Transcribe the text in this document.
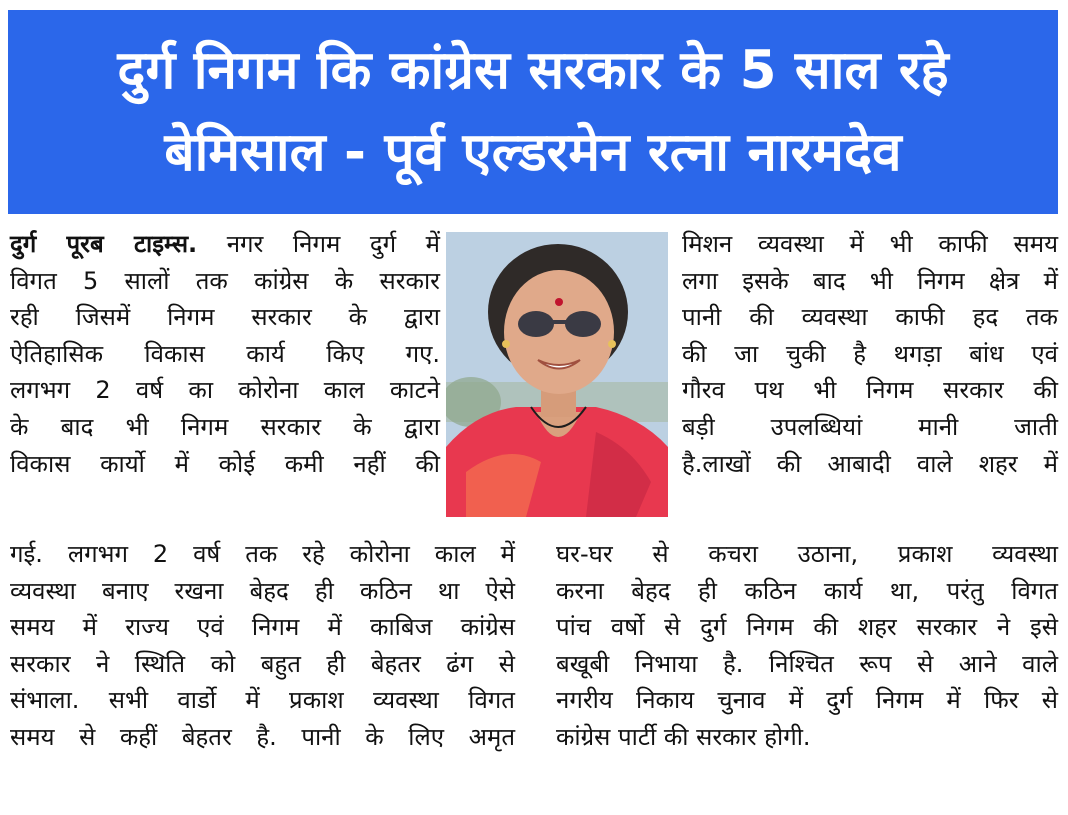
दुर्ग निगम कि कांग्रेस सरकार के 5 साल रहे
बेमिसाल - पूर्व एल्डरमेन रत्ना नारमदेव
दुर्ग पूरब टाइम्स. नगर निगम दुर्ग में
विगत 5 सालों तक कांग्रेस के सरकार
रही जिसमें निगम सरकार के द्वारा
ऐतिहासिक विकास कार्य किए गए.
लगभग 2 वर्ष का कोरोना काल काटने
के बाद भी निगम सरकार के द्वारा
विकास कार्यो में कोई कमी नहीं की
मिशन व्यवस्था में भी काफी समय
लगा इसके बाद भी निगम क्षेत्र में
पानी की व्यवस्था काफी हद तक
की जा चुकी है थगड़ा बांध एवं
गौरव पथ भी निगम सरकार की
बड़ी उपलब्धियां मानी जाती
है.लाखों की आबादी वाले शहर में
गई. लगभग 2 वर्ष तक रहे कोरोना काल में
व्यवस्था बनाए रखना बेहद ही कठिन था ऐसे
समय में राज्य एवं निगम में काबिज कांग्रेस
सरकार ने स्थिति को बहुत ही बेहतर ढंग से
संभाला. सभी वार्डो में प्रकाश व्यवस्था विगत
समय से कहीं बेहतर है. पानी के लिए अमृत
घर-घर से कचरा उठाना, प्रकाश व्यवस्था
करना बेहद ही कठिन कार्य था, परंतु विगत
पांच वर्षो से दुर्ग निगम की शहर सरकार ने इसे
बखूबी निभाया है. निश्चित रूप से आने वाले
नगरीय निकाय चुनाव में दुर्ग निगम में फिर से
कांग्रेस पार्टी की सरकार होगी.
